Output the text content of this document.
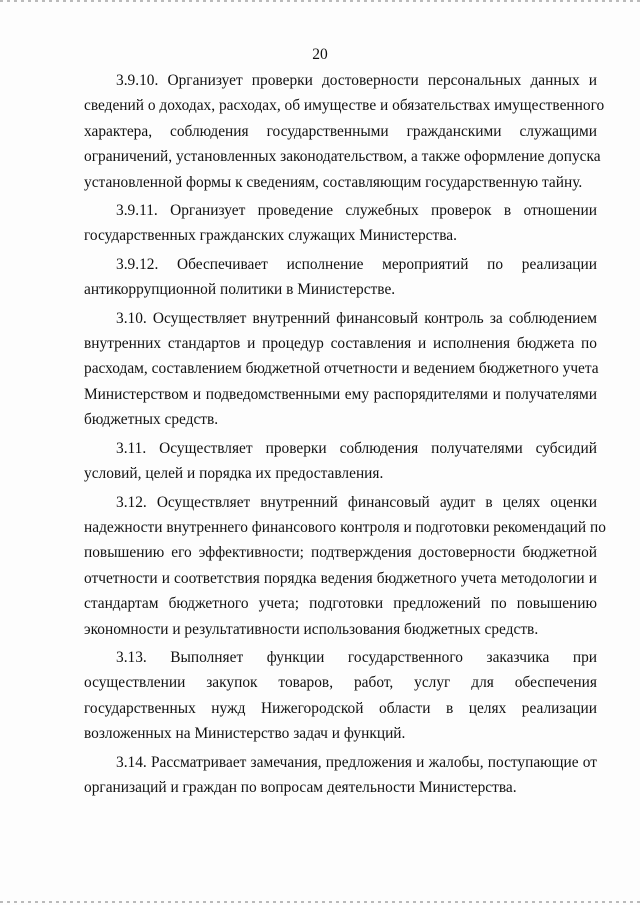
20
3.9.10. Организует проверки достоверности персональных данных и
сведений о доходах, расходах, об имуществе и обязательствах имущественного
характера, соблюдения государственными гражданскими служащими
ограничений, установленных законодательством, а также оформление допуска
установленной формы к сведениям, составляющим государственную тайну.
3.9.11. Организует проведение служебных проверок в отношении
государственных гражданских служащих Министерства.
3.9.12. Обеспечивает исполнение мероприятий по реализации
антикоррупционной политики в Министерстве.
3.10. Осуществляет внутренний финансовый контроль за соблюдением
внутренних стандартов и процедур составления и исполнения бюджета по
расходам, составлением бюджетной отчетности и ведением бюджетного учета
Министерством и подведомственными ему распорядителями и получателями
бюджетных средств.
3.11. Осуществляет проверки соблюдения получателями субсидий
условий, целей и порядка их предоставления.
3.12. Осуществляет внутренний финансовый аудит в целях оценки
надежности внутреннего финансового контроля и подготовки рекомендаций по
повышению его эффективности; подтверждения достоверности бюджетной
отчетности и соответствия порядка ведения бюджетного учета методологии и
стандартам бюджетного учета; подготовки предложений по повышению
экономности и результативности использования бюджетных средств.
3.13. Выполняет функции государственного заказчика при
осуществлении закупок товаров, работ, услуг для обеспечения
государственных нужд Нижегородской области в целях реализации
возложенных на Министерство задач и функций.
3.14. Рассматривает замечания, предложения и жалобы, поступающие от
организаций и граждан по вопросам деятельности Министерства.
